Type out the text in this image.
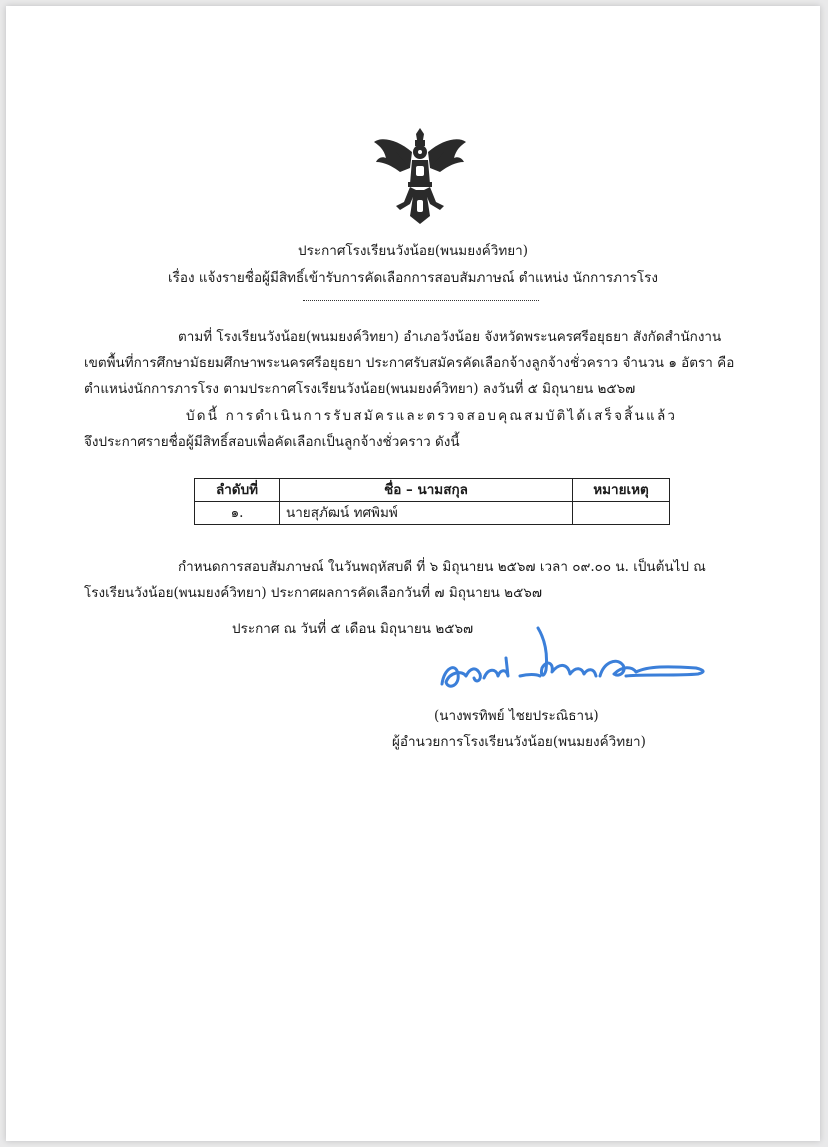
ประกาศโรงเรียนวังน้อย(พนมยงค์วิทยา)
เรื่อง แจ้งรายชื่อผู้มีสิทธิ์เข้ารับการคัดเลือกการสอบสัมภาษณ์ ตำแหน่ง นักการภารโรง
ตามที่ โรงเรียนวังน้อย(พนมยงค์วิทยา) อำเภอวังน้อย จังหวัดพระนครศรีอยุธยา สังกัดสำนักงาน
เขตพื้นที่การศึกษามัธยมศึกษาพระนครศรีอยุธยา ประกาศรับสมัครคัดเลือกจ้างลูกจ้างชั่วคราว จำนวน ๑ อัตรา คือ
ตำแหน่งนักการภารโรง ตามประกาศโรงเรียนวังน้อย(พนมยงค์วิทยา) ลงวันที่ ๕ มิถุนายน ๒๕๖๗
บัดนี้ การดำเนินการรับสมัครและตรวจสอบคุณสมบัติได้เสร็จสิ้นแล้ว
จึงประกาศรายชื่อผู้มีสิทธิ์สอบเพื่อคัดเลือกเป็นลูกจ้างชั่วคราว ดังนี้
ลำดับที่	ชื่อ – นามสกุล	หมายเหตุ
๑.	นายสุภัฒน์ ทศพิมพ์	
กำหนดการสอบสัมภาษณ์ ในวันพฤหัสบดี ที่ ๖ มิถุนายน ๒๕๖๗ เวลา ๐๙.๐๐ น. เป็นต้นไป ณ
โรงเรียนวังน้อย(พนมยงค์วิทยา) ประกาศผลการคัดเลือกวันที่ ๗ มิถุนายน ๒๕๖๗
ประกาศ ณ วันที่ ๕ เดือน มิถุนายน ๒๕๖๗
(นางพรทิพย์ ไชยประณิธาน)
ผู้อำนวยการโรงเรียนวังน้อย(พนมยงค์วิทยา)
